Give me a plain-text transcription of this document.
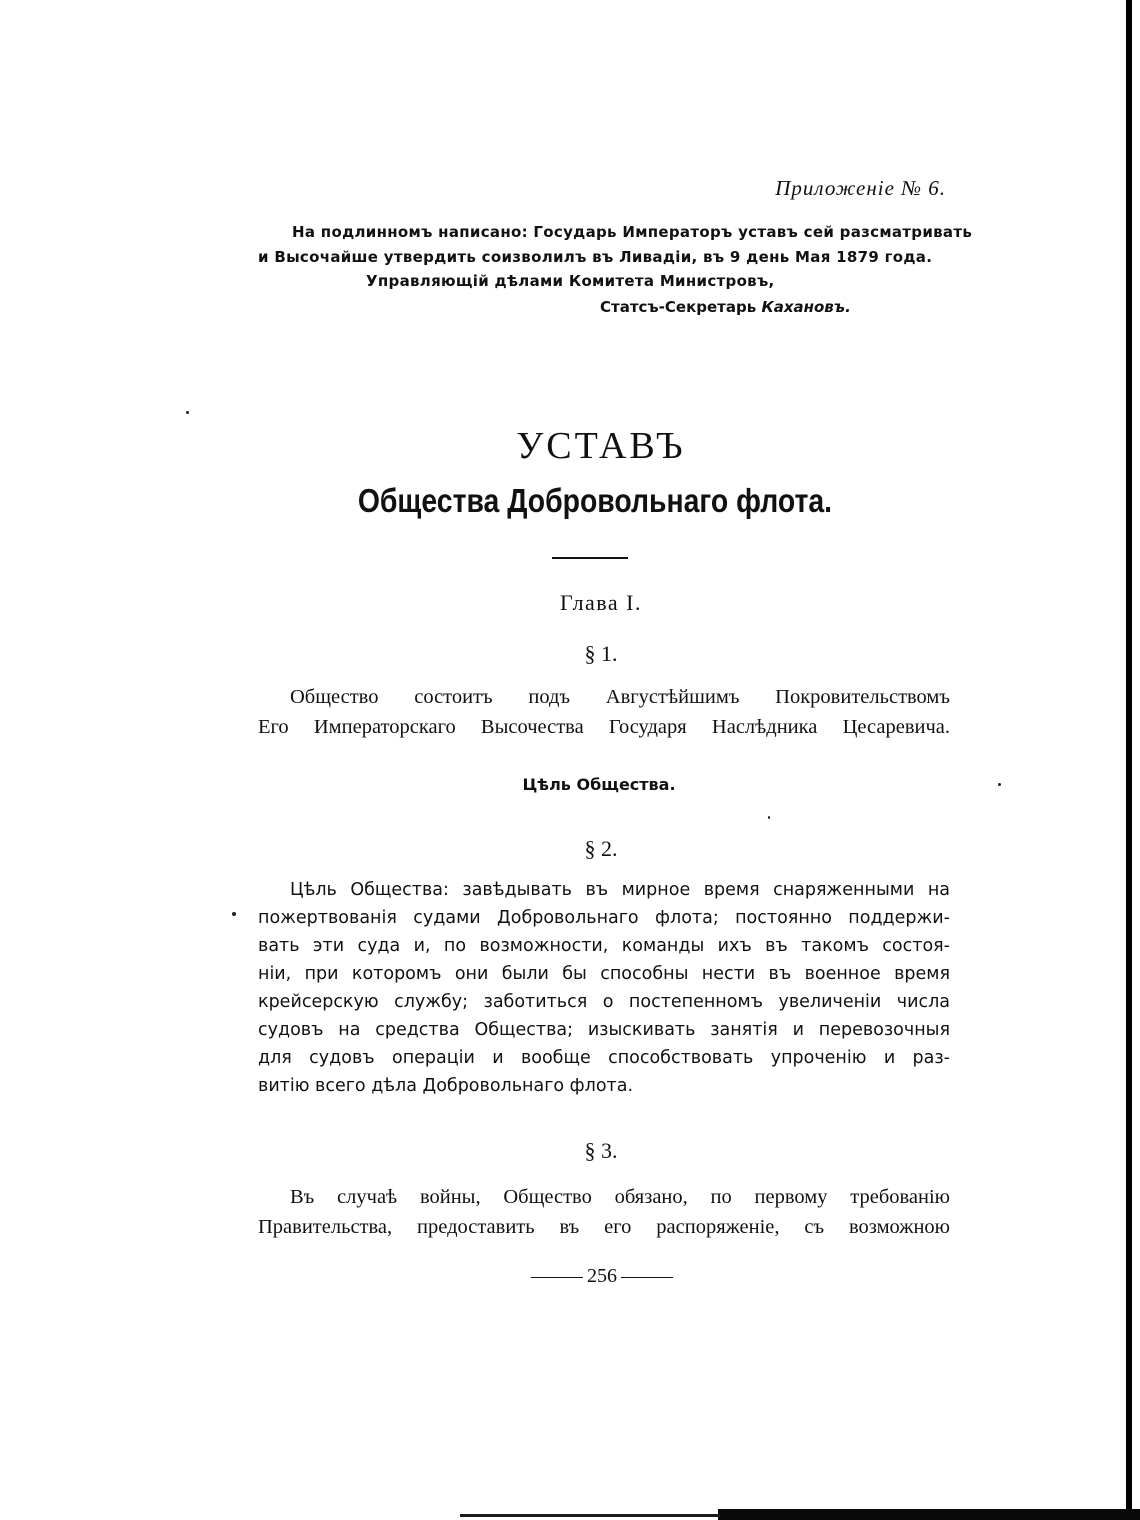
Приложенiе № 6.
На подлинномъ написано: Государь Императоръ уставъ сей разсматривать
и Высочайше утвердить соизволилъ въ Ливадiи, въ 9 день Мая 1879 года.
Управляющiй дѣлами Комитета Министровъ,
Статсъ-Секретарь Кахановъ.
УСТАВЪ
Общества Добровольнаго флота.
Глава I.
§ 1.
Общество состоитъ подъ Августѣйшимъ Покровительствомъ
Его Императорскаго Высочества Государя Наслѣдника Цесаревича.
Цѣль Общества.
§ 2.
Цѣль Общества: завѣдывать въ мирное время снаряженными на
пожертвованiя судами Добровольнаго флота; постоянно поддержи-
вать эти суда и, по возможности, команды ихъ въ такомъ состоя-
нiи, при которомъ они были бы способны нести въ военное время
крейсерскую службу; заботиться о постепенномъ увеличенiи числа
судовъ на средства Общества; изыскивать занятiя и перевозочныя
для судовъ операцiи и вообще способствовать упроченiю и раз-
витiю всего дѣла Добровольнаго флота.
§ 3.
Въ случаѣ войны, Общество обязано, по первому требованiю
Правительства, предоставить въ его распоряженiе, съ возможною
256
